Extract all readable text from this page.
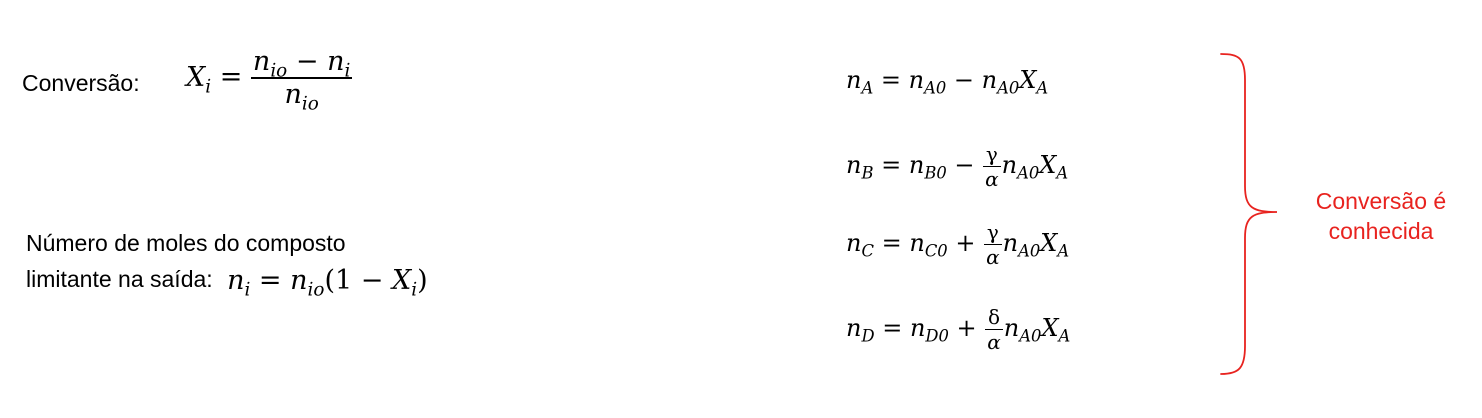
Conversão: $X_i = \frac{n_{io} - n_i}{n_{io}}$
Número de moles do composto
limitante na saída: $n_i = n_{io}(1 - X_i)$
$n_A = n_{A0} - n_{A0}X_A$
$n_B = n_{B0} - \frac{\gamma}{\alpha} n_{A0}X_A$
$n_C = n_{C0} + \frac{\gamma}{\alpha} n_{A0}X_A$
$n_D = n_{D0} + \frac{\delta}{\alpha} n_{A0}X_A$
Conversão é
conhecida
